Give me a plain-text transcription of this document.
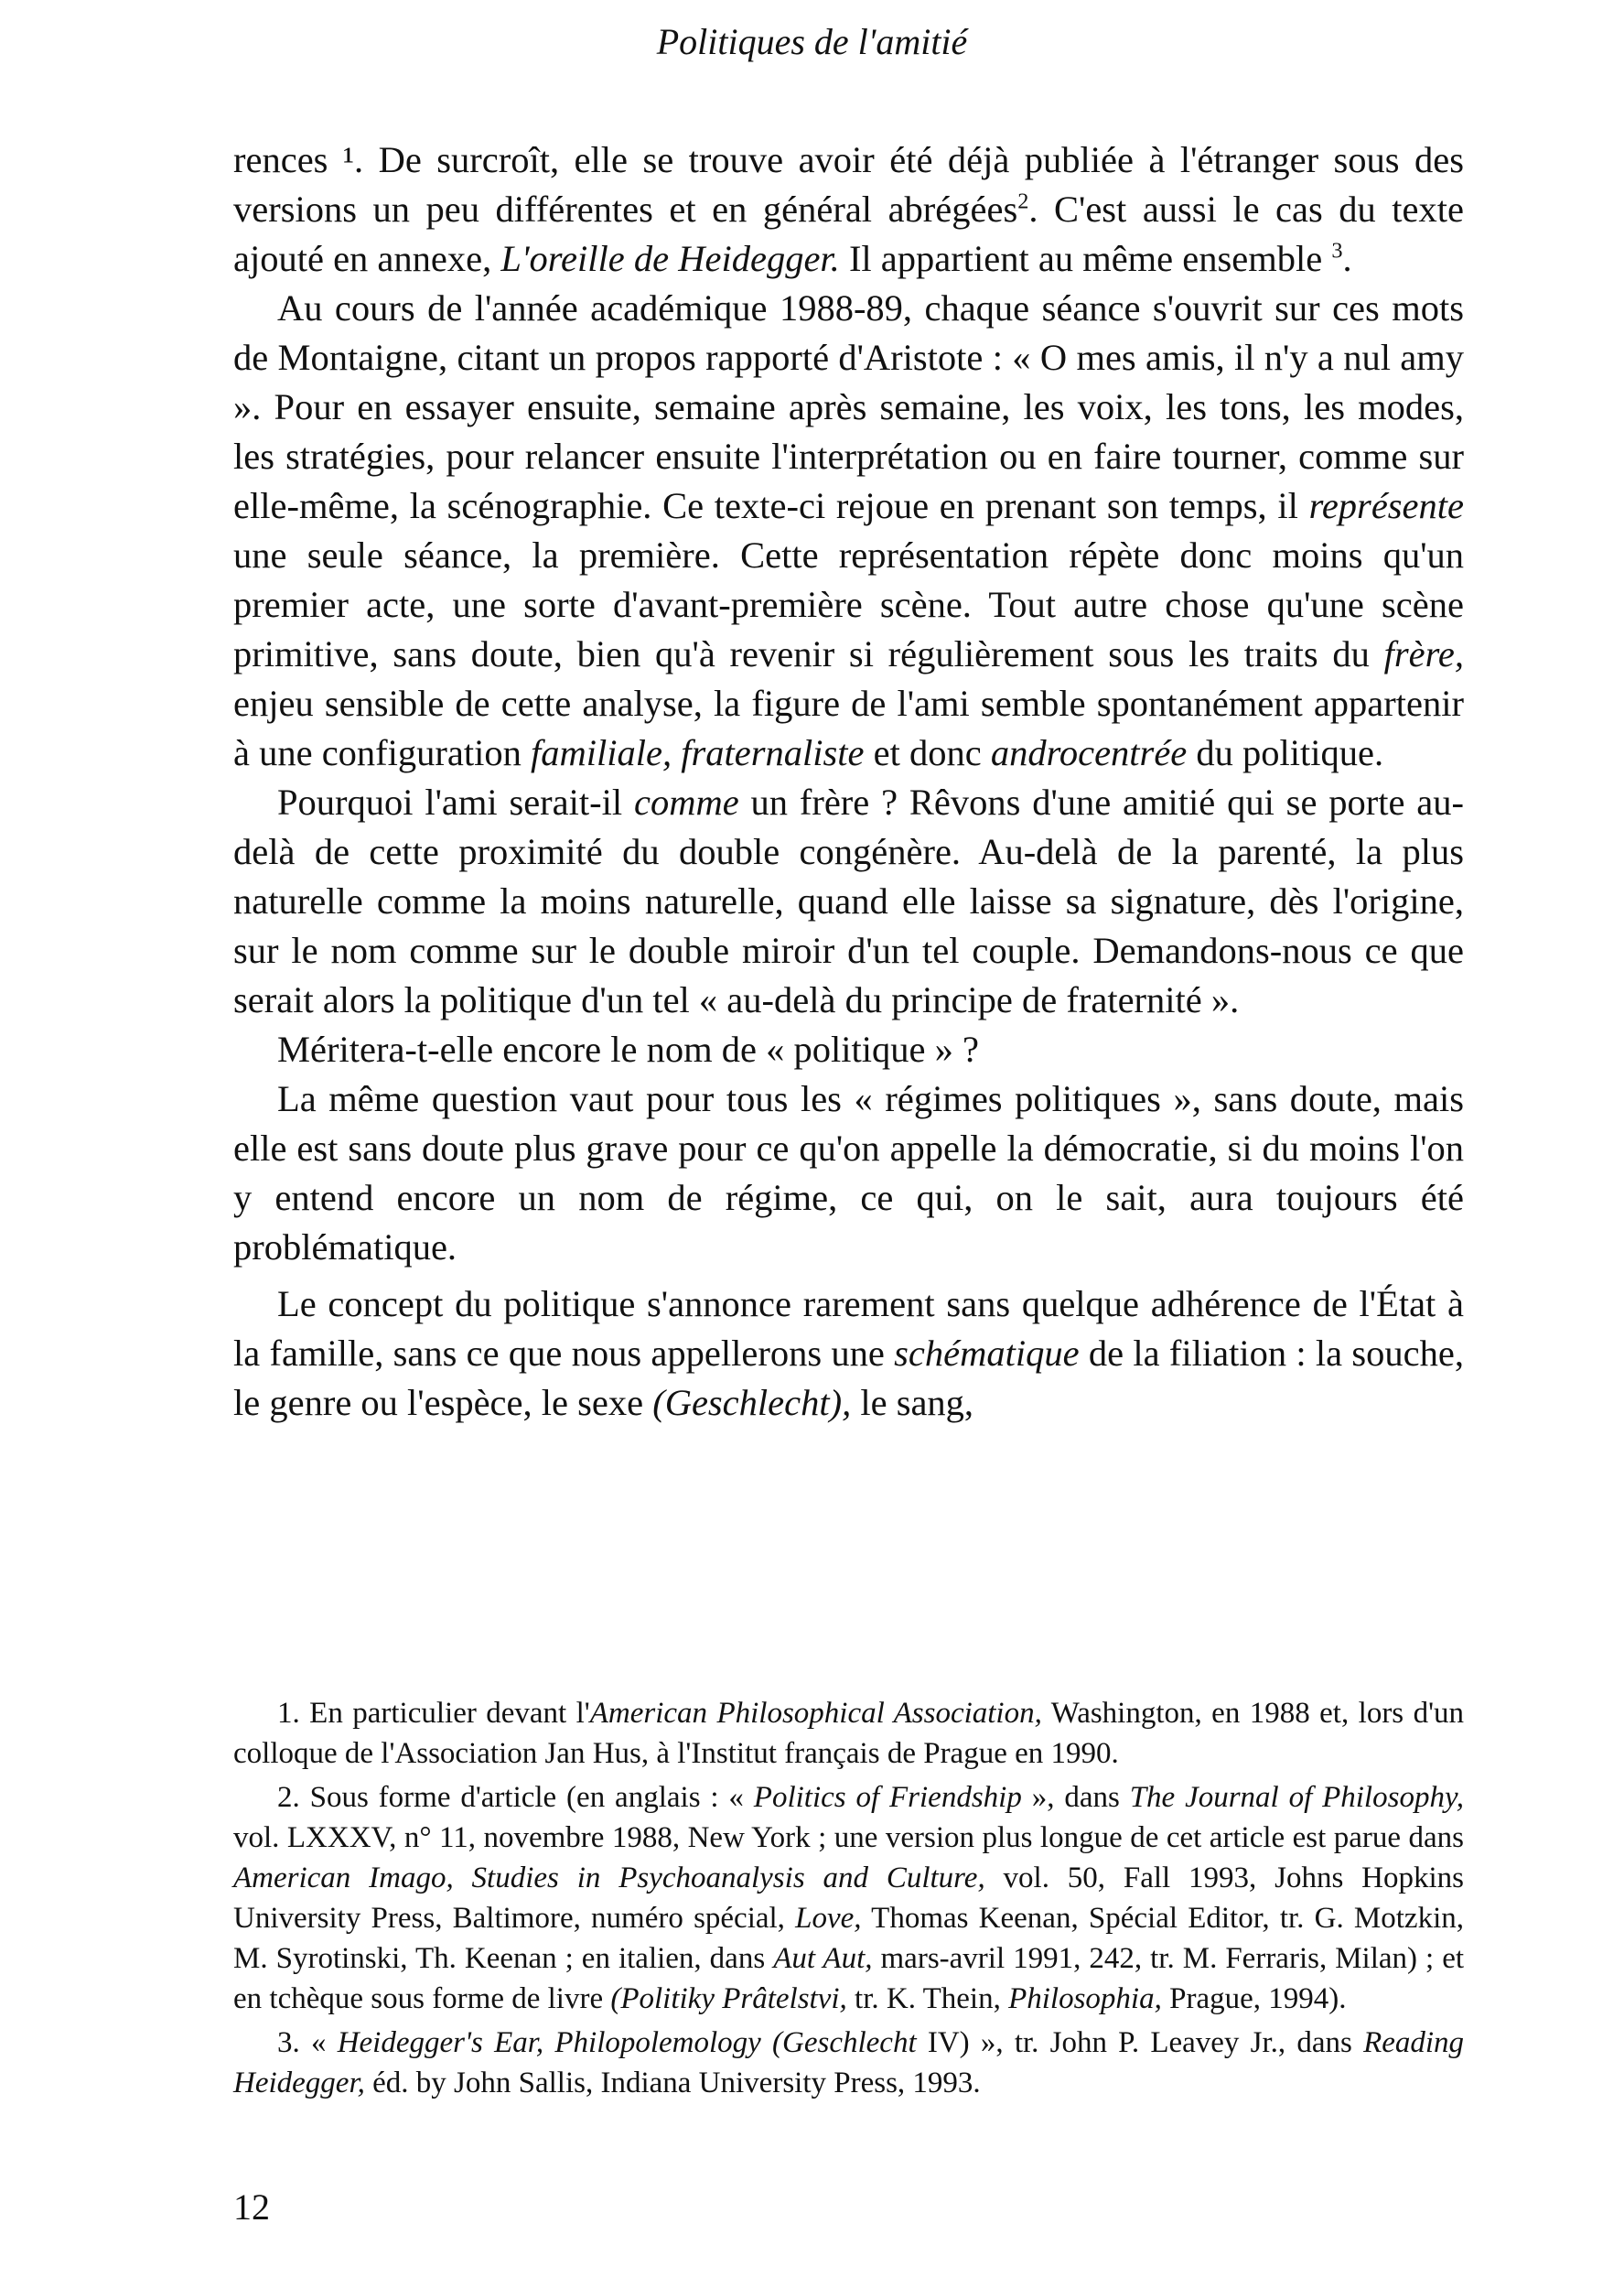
Politiques de l'amitié

rences ¹. De surcroît, elle se trouve avoir été déjà publiée à l'étranger sous des versions un peu différentes et en général abrégées$^2$. C'est aussi le cas du texte ajouté en annexe, L'oreille de Heidegger. Il appartient au même ensemble $^3$.

Au cours de l'année académique 1988-89, chaque séance s'ouvrit sur ces mots de Montaigne, citant un propos rapporté d'Aristote : « O mes amis, il n'y a nul amy ». Pour en essayer ensuite, semaine après semaine, les voix, les tons, les modes, les stratégies, pour relancer ensuite l'interprétation ou en faire tourner, comme sur elle-même, la scénographie. Ce texte-ci rejoue en prenant son temps, il représente une seule séance, la première. Cette représentation répète donc moins qu'un premier acte, une sorte d'avant-première scène. Tout autre chose qu'une scène primitive, sans doute, bien qu'à revenir si régulièrement sous les traits du frère, enjeu sensible de cette analyse, la figure de l'ami semble spontanément appartenir à une configuration familiale, fraternaliste et donc androcentrée du politique.

Pourquoi l'ami serait-il comme un frère ? Rêvons d'une amitié qui se porte au-delà de cette proximité du double congénère. Au-delà de la parenté, la plus naturelle comme la moins naturelle, quand elle laisse sa signature, dès l'origine, sur le nom comme sur le double miroir d'un tel couple. Demandons-nous ce que serait alors la politique d'un tel « au-delà du principe de fraternité ».

Méritera-t-elle encore le nom de « politique » ?

La même question vaut pour tous les « régimes politiques », sans doute, mais elle est sans doute plus grave pour ce qu'on appelle la démocratie, si du moins l'on y entend encore un nom de régime, ce qui, on le sait, aura toujours été problématique.

Le concept du politique s'annonce rarement sans quelque adhérence de l'État à la famille, sans ce que nous appellerons une schématique de la filiation : la souche, le genre ou l'espèce, le sexe (Geschlecht), le sang,

1. En particulier devant l'American Philosophical Association, Washington, en 1988 et, lors d'un colloque de l'Association Jan Hus, à l'Institut français de Prague en 1990.

2. Sous forme d'article (en anglais : « Politics of Friendship », dans The Journal of Philosophy, vol. LXXXV, n° 11, novembre 1988, New York ; une version plus longue de cet article est parue dans American Imago, Studies in Psychoanalysis and Culture, vol. 50, Fall 1993, Johns Hopkins University Press, Baltimore, numéro spécial, Love, Thomas Keenan, Spécial Editor, tr. G. Motzkin, M. Syrotinski, Th. Keenan ; en italien, dans Aut Aut, mars-avril 1991, 242, tr. M. Ferraris, Milan) ; et en tchèque sous forme de livre (Politiky Prâtelstvi, tr. K. Thein, Philosophia, Prague, 1994).

3. « Heidegger's Ear, Philopolemology (Geschlecht IV) », tr. John P. Leavey Jr., dans Reading Heidegger, éd. by John Sallis, Indiana University Press, 1993.

12
